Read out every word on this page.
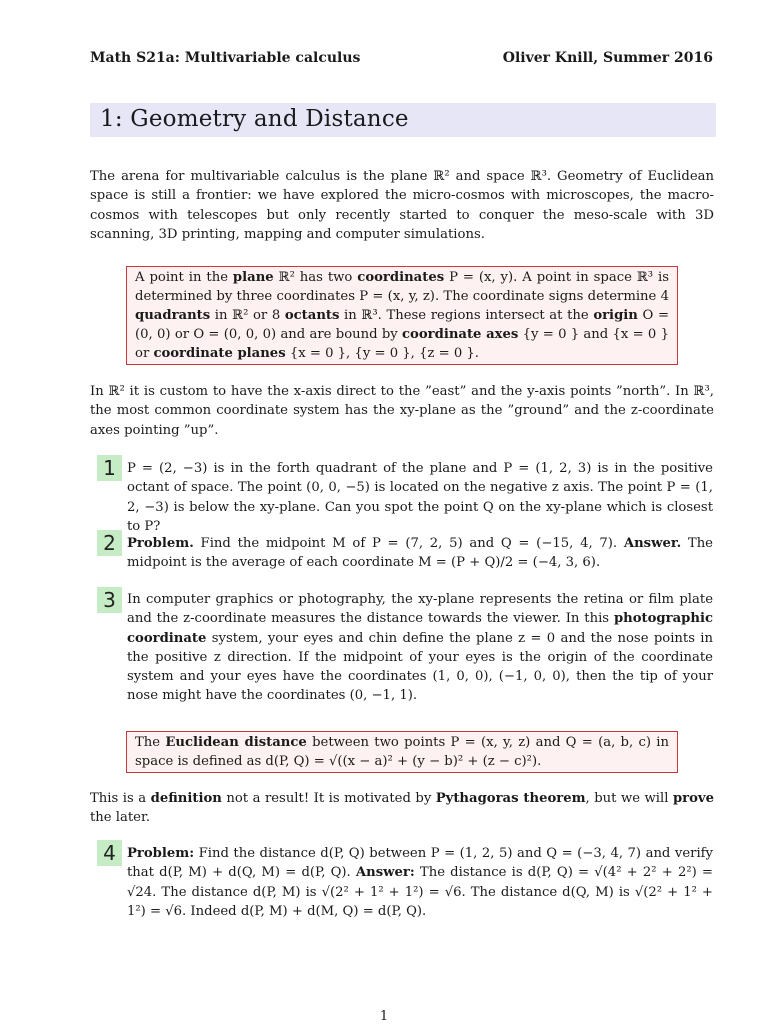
Math S21a: Multivariable calculus	Oliver Knill, Summer 2016
1: Geometry and Distance
The arena for multivariable calculus is the plane ℝ² and space ℝ³. Geometry of Euclidean space is still a frontier: we have explored the micro-cosmos with microscopes, the macro-cosmos with telescopes but only recently started to conquer the meso-scale with 3D scanning, 3D printing, mapping and computer simulations.
A point in the plane ℝ² has two coordinates P = (x, y). A point in space ℝ³ is determined by three coordinates P = (x, y, z). The coordinate signs determine 4 quadrants in ℝ² or 8 octants in ℝ³. These regions intersect at the origin O = (0, 0) or O = (0, 0, 0) and are bound by coordinate axes {y = 0 } and {x = 0 } or coordinate planes {x = 0 }, {y = 0 }, {z = 0 }.
In ℝ² it is custom to have the x-axis direct to the ”east” and the y-axis points ”north”. In ℝ³, the most common coordinate system has the xy-plane as the ”ground” and the z-coordinate axes pointing ”up”.
1 P = (2, −3) is in the forth quadrant of the plane and P = (1, 2, 3) is in the positive octant of space. The point (0, 0, −5) is located on the negative z axis. The point P = (1, 2, −3) is below the xy-plane. Can you spot the point Q on the xy-plane which is closest to P?
2 Problem. Find the midpoint M of P = (7, 2, 5) and Q = (−15, 4, 7). Answer. The midpoint is the average of each coordinate M = (P + Q)/2 = (−4, 3, 6).
3 In computer graphics or photography, the xy-plane represents the retina or film plate and the z-coordinate measures the distance towards the viewer. In this photographic coordinate system, your eyes and chin define the plane z = 0 and the nose points in the positive z direction. If the midpoint of your eyes is the origin of the coordinate system and your eyes have the coordinates (1, 0, 0), (−1, 0, 0), then the tip of your nose might have the coordinates (0, −1, 1).
The Euclidean distance between two points P = (x, y, z) and Q = (a, b, c) in space is defined as d(P, Q) = √((x − a)² + (y − b)² + (z − c)²).
This is a definition not a result! It is motivated by Pythagoras theorem, but we will prove the later.
4 Problem: Find the distance d(P, Q) between P = (1, 2, 5) and Q = (−3, 4, 7) and verify that d(P, M) + d(Q, M) = d(P, Q). Answer: The distance is d(P, Q) = √(4² + 2² + 2²) = √24. The distance d(P, M) is √(2² + 1² + 1²) = √6. The distance d(Q, M) is √(2² + 1² + 1²) = √6. Indeed d(P, M) + d(M, Q) = d(P, Q).
1
